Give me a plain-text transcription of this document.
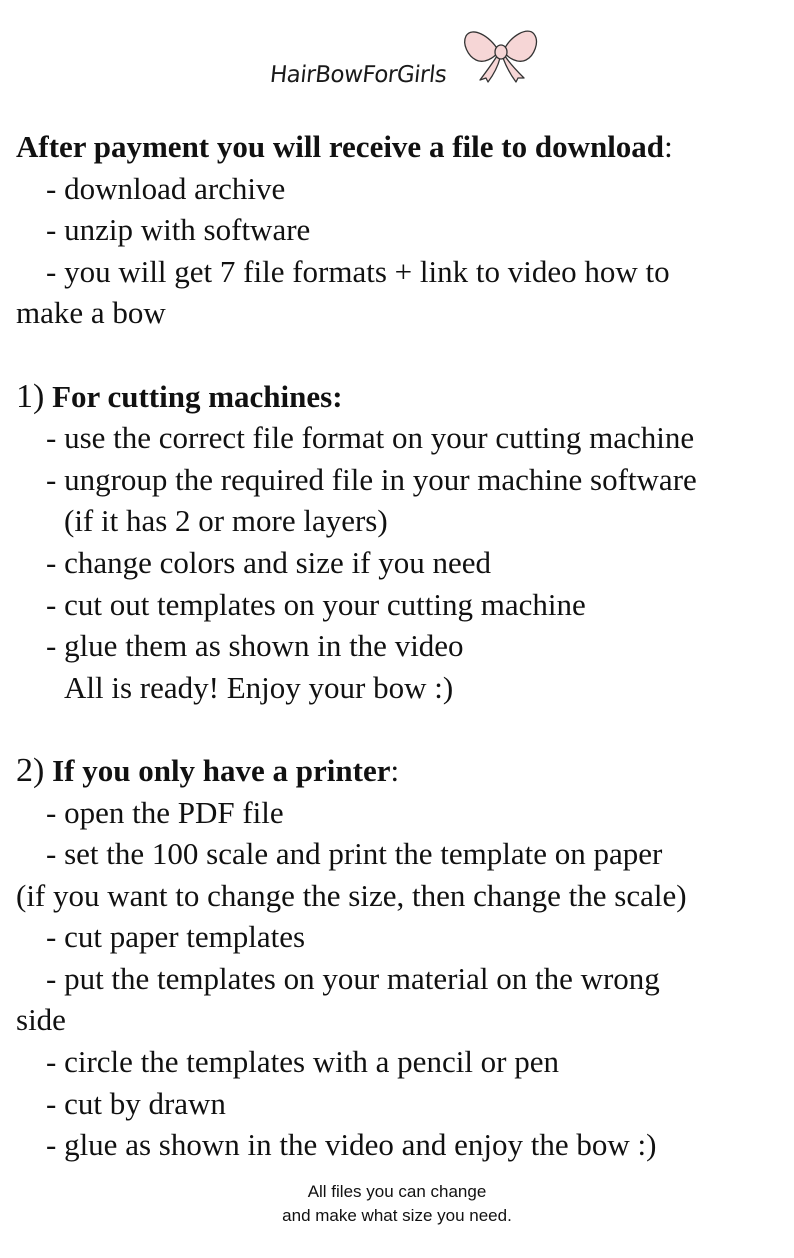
HairBowForGirls

After payment you will receive a file to download:

- download archive

- unzip with software

- you will get 7 file formats + link to video how to

make a bow

1) For cutting machines:

- use the correct file format on your cutting machine

- ungroup the required file in your machine software

(if it has 2 or more layers)

- change colors and size if you need

- cut out templates on your cutting machine

- glue them as shown in the video

All is ready! Enjoy your bow :)

2) If you only have a printer:

- open the PDF file

- set the 100 scale and print the template on paper

(if you want to change the size, then change the scale)

- cut paper templates

- put the templates on your material on the wrong

side

- circle the templates with a pencil or pen

- cut by drawn

- glue as shown in the video and enjoy the bow :)

All files you can change
and make what size you need.
